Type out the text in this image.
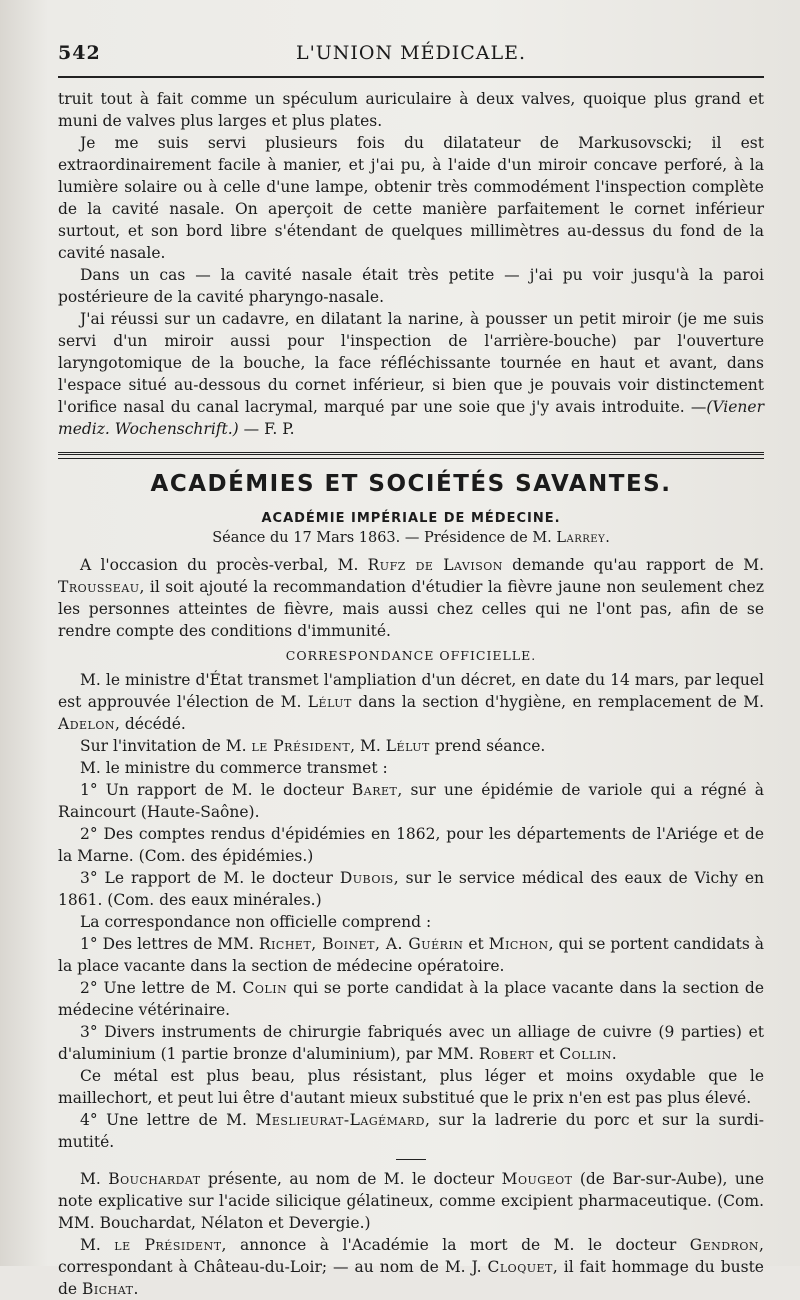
542	L'UNION MÉDICALE.

truit tout à fait comme un spéculum auriculaire à deux valves, quoique plus grand et muni de valves plus larges et plus plates.

Je me suis servi plusieurs fois du dilatateur de Markusovscki; il est extraordinairement facile à manier, et j'ai pu, à l'aide d'un miroir concave perforé, à la lumière solaire ou à celle d'une lampe, obtenir très commodément l'inspection complète de la cavité nasale. On aperçoit de cette manière parfaitement le cornet inférieur surtout, et son bord libre s'étendant de quelques millimètres au-dessus du fond de la cavité nasale.

Dans un cas — la cavité nasale était très petite — j'ai pu voir jusqu'à la paroi postérieure de la cavité pharyngo-nasale.

J'ai réussi sur un cadavre, en dilatant la narine, à pousser un petit miroir (je me suis servi d'un miroir aussi pour l'inspection de l'arrière-bouche) par l'ouverture laryngotomique de la bouche, la face réfléchissante tournée en haut et avant, dans l'espace situé au-dessous du cornet inférieur, si bien que je pouvais voir distinctement l'orifice nasal du canal lacrymal, marqué par une soie que j'y avais introduite. —(Viener mediz. Wochenschrift.) — F. P.

ACADÉMIES ET SOCIÉTÉS SAVANTES.
ACADÉMIE IMPÉRIALE DE MÉDECINE.
Séance du 17 Mars 1863. — Présidence de M. Larrey.

A l'occasion du procès-verbal, M. Rufz de Lavison demande qu'au rapport de M. Trousseau, il soit ajouté la recommandation d'étudier la fièvre jaune non seulement chez les personnes atteintes de fièvre, mais aussi chez celles qui ne l'ont pas, afin de se rendre compte des conditions d'immunité.

CORRESPONDANCE OFFICIELLE.

M. le ministre d'État transmet l'ampliation d'un décret, en date du 14 mars, par lequel est approuvée l'élection de M. Lélut dans la section d'hygiène, en remplacement de M. Adelon, décédé.

Sur l'invitation de M. le Président, M. Lélut prend séance.

M. le ministre du commerce transmet :

1° Un rapport de M. le docteur Baret, sur une épidémie de variole qui a régné à Raincourt (Haute-Saône).

2° Des comptes rendus d'épidémies en 1862, pour les départements de l'Ariége et de la Marne. (Com. des épidémies.)

3° Le rapport de M. le docteur Dubois, sur le service médical des eaux de Vichy en 1861. (Com. des eaux minérales.)

La correspondance non officielle comprend :

1° Des lettres de MM. Richet, Boinet, A. Guérin et Michon, qui se portent candidats à la place vacante dans la section de médecine opératoire.

2° Une lettre de M. Colin qui se porte candidat à la place vacante dans la section de médecine vétérinaire.

3° Divers instruments de chirurgie fabriqués avec un alliage de cuivre (9 parties) et d'aluminium (1 partie bronze d'aluminium), par MM. Robert et Collin.

Ce métal est plus beau, plus résistant, plus léger et moins oxydable que le maillechort, et peut lui être d'autant mieux substitué que le prix n'en est pas plus élevé.

4° Une lettre de M. Meslieurat-Lagémard, sur la ladrerie du porc et sur la surdi-mutité.

M. Bouchardat présente, au nom de M. le docteur Mougeot (de Bar-sur-Aube), une note explicative sur l'acide silicique gélatineux, comme excipient pharmaceutique. (Com. MM. Bouchardat, Nélaton et Devergie.)

M. le Président, annonce à l'Académie la mort de M. le docteur Gendron, correspondant à Château-du-Loir; — au nom de M. J. Cloquet, il fait hommage du buste de Bichat.
